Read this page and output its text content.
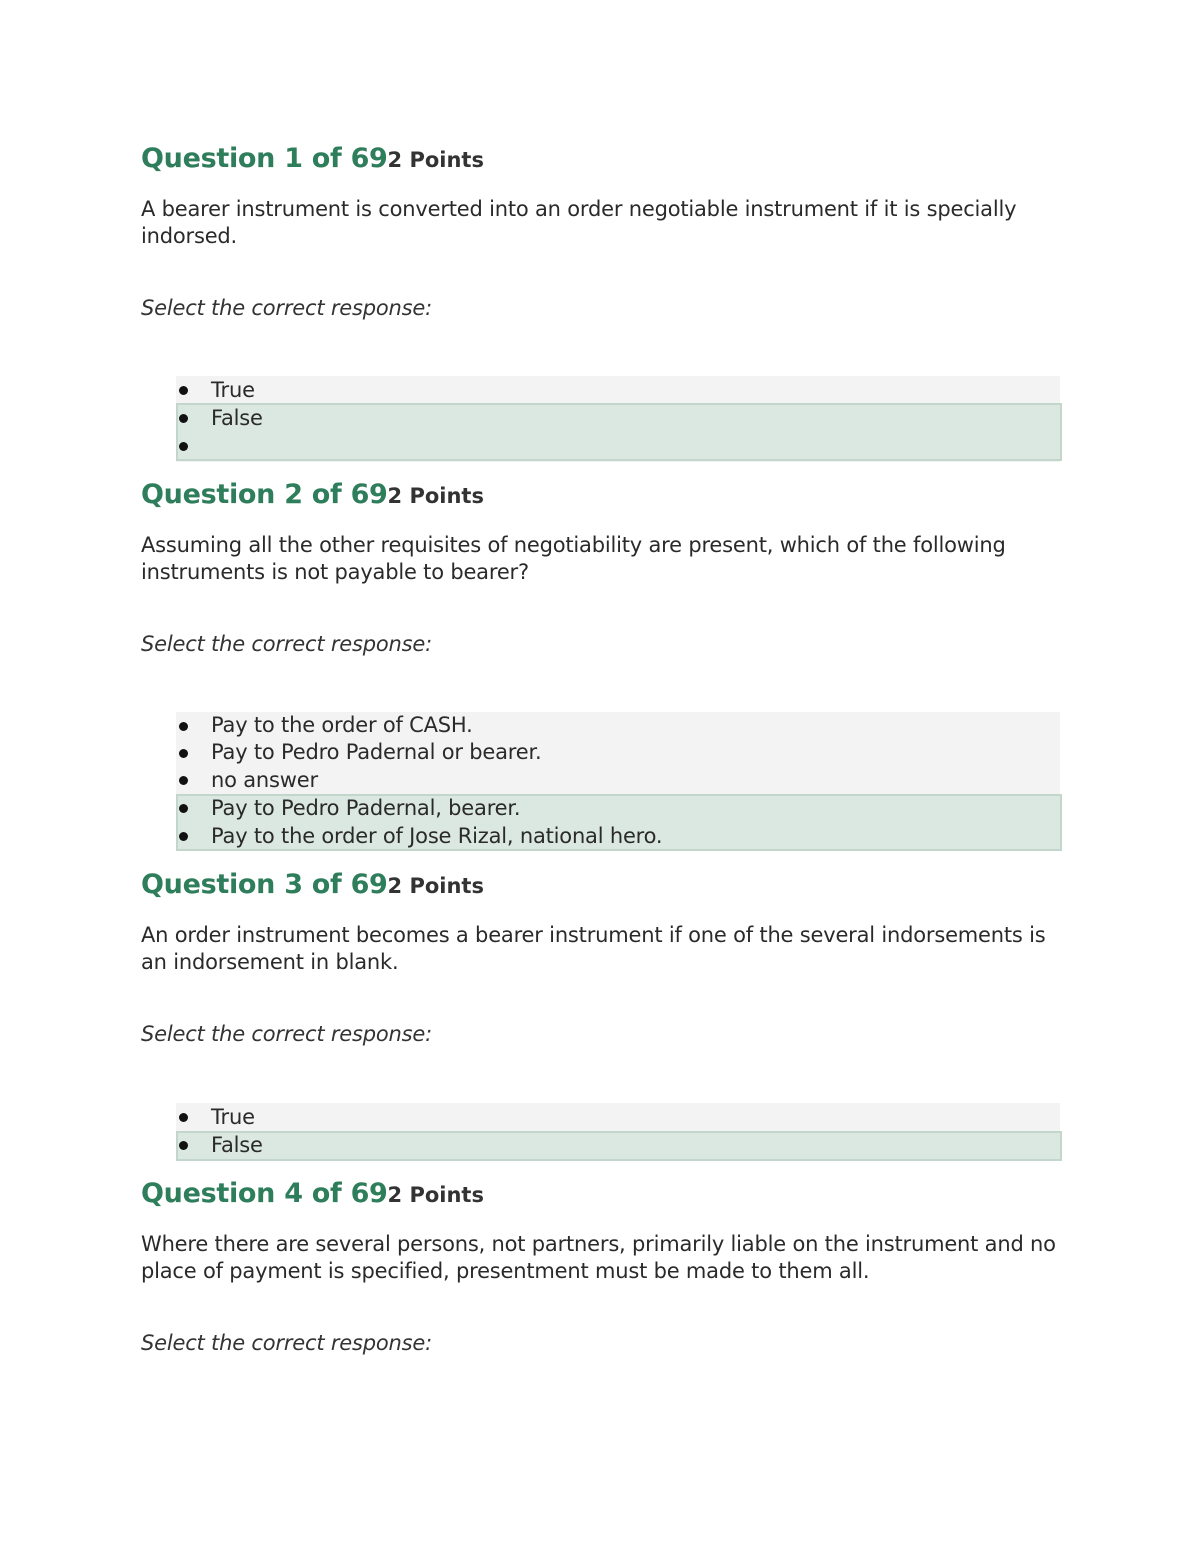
Question 1 of 692 Points

A bearer instrument is converted into an order negotiable instrument if it is specially indorsed.

Select the correct response:

True
False
Question 2 of 692 Points

Assuming all the other requisites of negotiability are present, which of the following instruments is not payable to bearer?

Select the correct response:

Pay to the order of CASH.
Pay to Pedro Padernal or bearer.
no answer
Pay to Pedro Padernal, bearer.
Pay to the order of Jose Rizal, national hero.
Question 3 of 692 Points

An order instrument becomes a bearer instrument if one of the several indorsements is an indorsement in blank.

Select the correct response:

True
False
Question 4 of 692 Points

Where there are several persons, not partners, primarily liable on the instrument and no place of payment is specified, presentment must be made to them all.

Select the correct response:
